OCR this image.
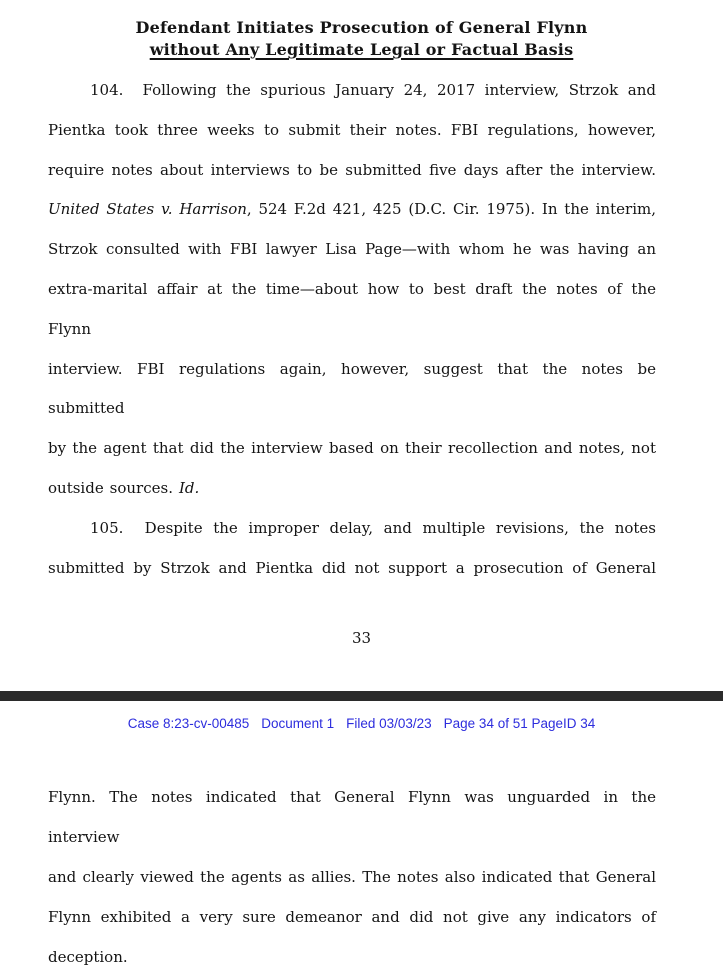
Defendant Initiates Prosecution of General Flynn
without Any Legitimate Legal or Factual Basis
104.  Following the spurious January 24, 2017 interview, Strzok and
Pientka took three weeks to submit their notes. FBI regulations, however,
require notes about interviews to be submitted five days after the interview.
United States v. Harrison, 524 F.2d 421, 425 (D.C. Cir. 1975). In the interim,
Strzok consulted with FBI lawyer Lisa Page—with whom he was having an
extra-marital affair at the time—about how to best draft the notes of the Flynn
interview. FBI regulations again, however, suggest that the notes be submitted
by the agent that did the interview based on their recollection and notes, not
outside sources. Id.
105.  Despite the improper delay, and multiple revisions, the notes
submitted by Strzok and Pientka did not support a prosecution of General
33
Case 8:23-cv-00485 Document 1 Filed 03/03/23 Page 34 of 51 PageID 34
Flynn. The notes indicated that General Flynn was unguarded in the interview
and clearly viewed the agents as allies. The notes also indicated that General
Flynn exhibited a very sure demeanor and did not give any indicators of
deception.
